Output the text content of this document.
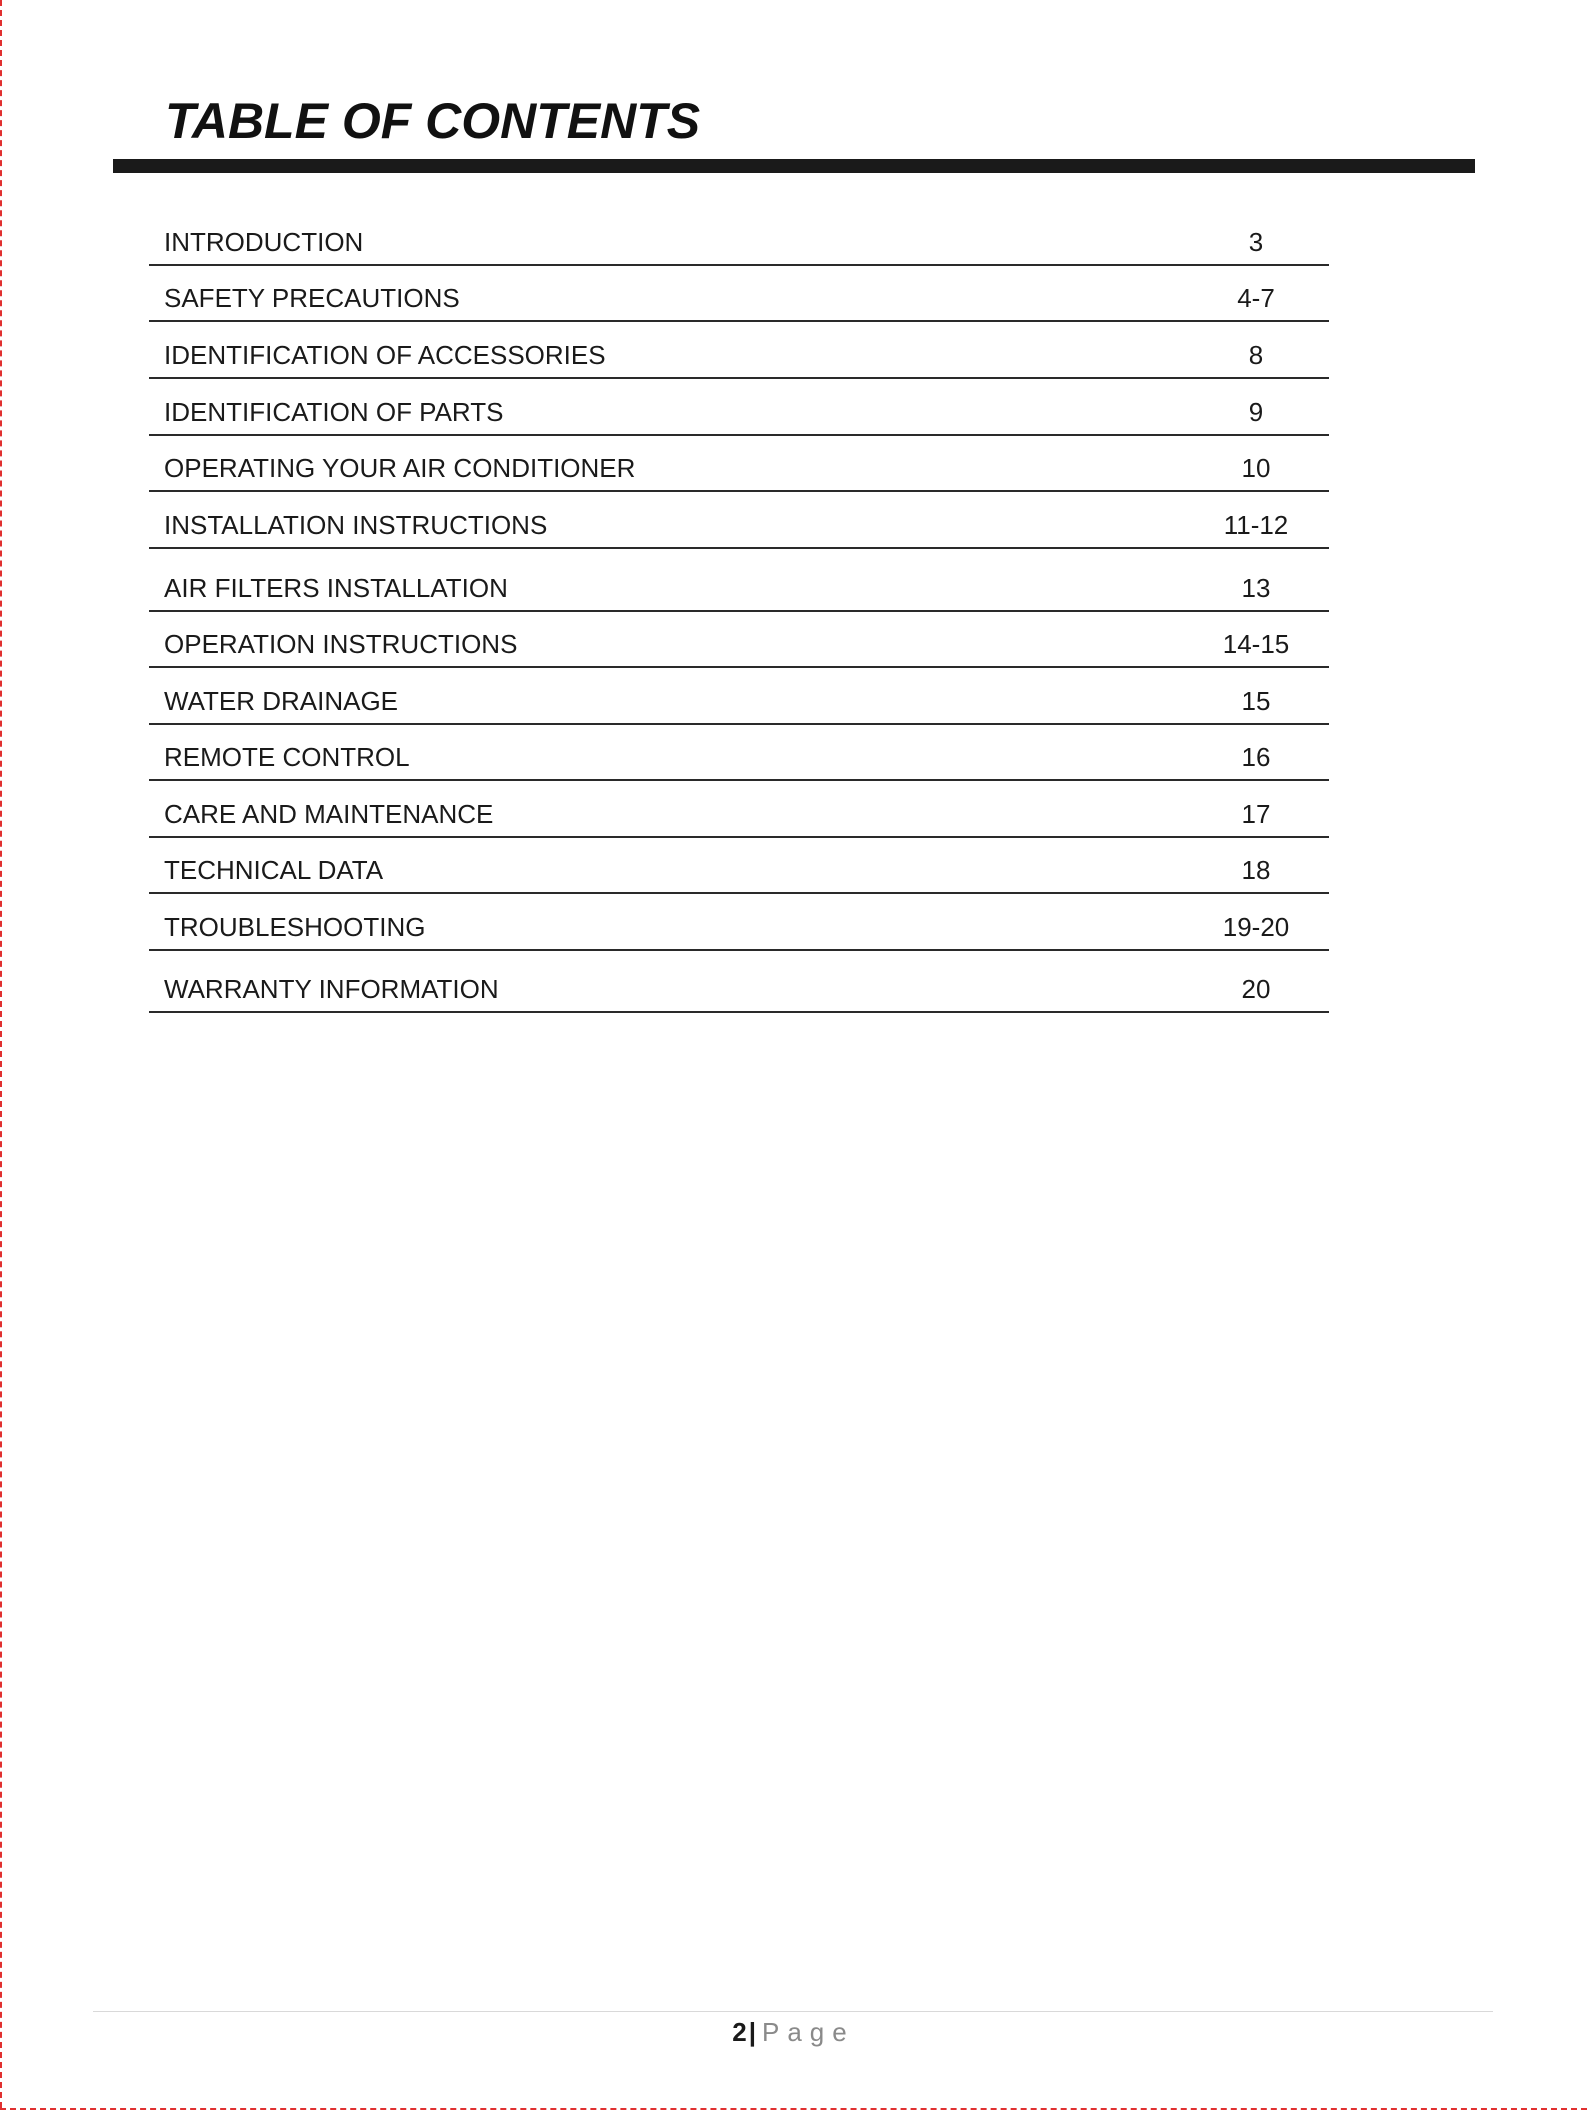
TABLE OF CONTENTS
INTRODUCTION	3
SAFETY PRECAUTIONS	4-7
IDENTIFICATION OF ACCESSORIES	8
IDENTIFICATION OF PARTS	9
OPERATING YOUR AIR CONDITIONER	10
INSTALLATION INSTRUCTIONS	11-12
AIR FILTERS INSTALLATION	13
OPERATION INSTRUCTIONS	14-15
WATER DRAINAGE	15
REMOTE CONTROL	16
CARE AND MAINTENANCE	17
TECHNICAL DATA	18
TROUBLESHOOTING	19-20
WARRANTY INFORMATION	20
2| Page
